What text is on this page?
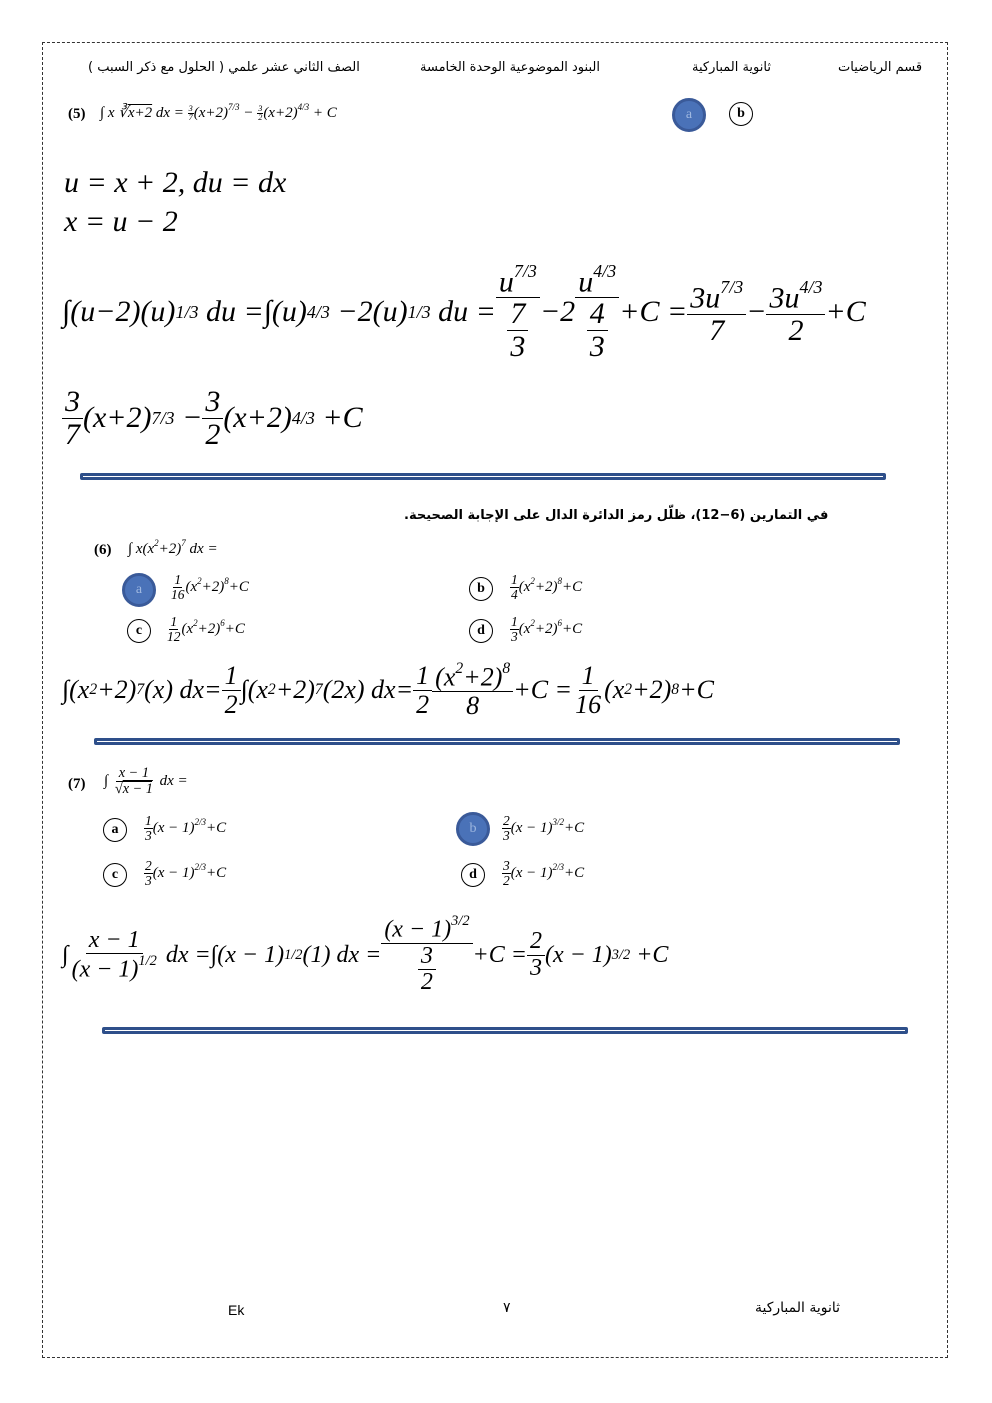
قسم الرياضيات
ثانوية المباركية
البنود الموضوعية الوحدة الخامسة
الصف الثاني عشر علمي ( الحلول مع ذكر السبب )
(5) ∫ x ∛x+2 dx = $\frac{3}{7} (x+2)^{7/3} - \frac{3}{2} (x+2)^{4/3} + C$	a	b
u = x + 2, du = dx
x = u − 2
∫(u−2)(u) 1/3 du =∫(u) 4/3 −2(u) 1/3 du = $\frac{u^{7/3}}{\frac{7}{3}} -2 \frac{u^{4/3}}{\frac{4}{3}} +C = \frac{3u^{7/3}}{7} - \frac{3u^{4/3}}{2} +C$
$\frac{3}{7} (x+2) 7/3 - \frac{3}{2} (x+2)$ 4/3 +C
في التمارين (6−12)، ظلّل رمز الدائرة الدال على الإجابة الصحيحة.
(6) ∫ $x(x^2+2)^7$ dx =
a	$\frac{1}{16} (x^2+2)^8+C$	b	$\frac{1}{4} (x^2+2)^8+C$
c	$\frac{1}{12} (x^2+2)^6+C$	d	$\frac{1}{3} (x^2+2)^6+C$
∫(x 2 +2) 7 (x) $dx= \frac{1}{2} \int(x$ 2 +2) 7 (2x) $dx= \frac{1}{2} \frac{(x^2+2)^8}{8} +C = \frac{1}{16} (x$ 2 +2) 8 +C
(7) ∫ $\frac{x - 1}{√x - 1}$ dx =
a	$\frac{1}{3} (x - 1)^{2/3}+C$	b	$\frac{2}{3} (x - 1)^{3/2}+C$
c	$\frac{2}{3} (x - 1)^{2/3}+C$	d	$\frac{3}{2} (x - 1)^{2/3}+C$
∫ $\frac{x - 1}{(x - 1)^{1/2}}$ dx =∫(x − 1) 1/2 (1) dx = $\frac{(x - 1)^{3/2}}{\frac{3}{2}} +C = \frac{2}{3} (x - 1)$ 3/2 +C
Ek	٧	ثانوية المباركية
